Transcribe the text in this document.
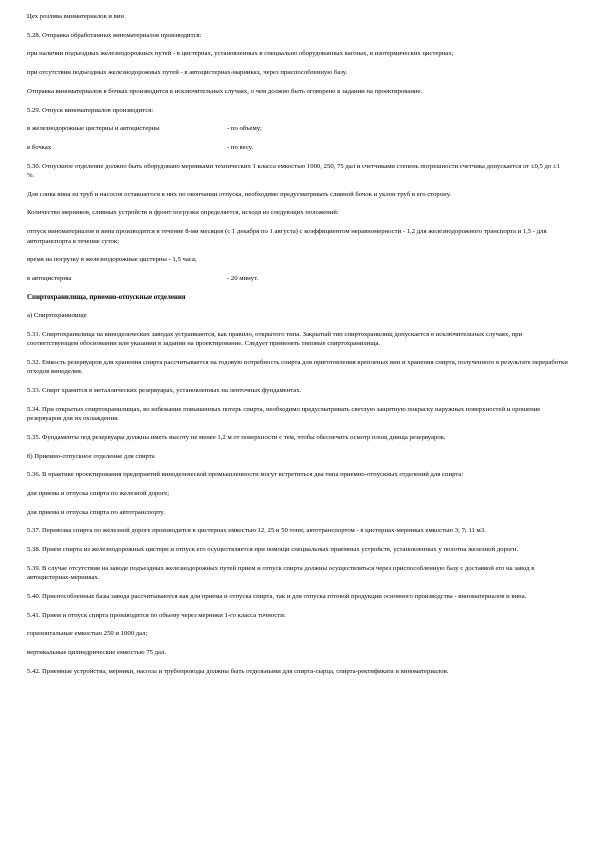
Цех розлива винматериалов и вин

5.28. Отправка обработанных виноматериалов производится:

при наличии подъездных железнодорожных путей - в цистернах, установленных в специально оборудованных вагонах, в изотермических цистернах;

при отсутствии подъездных железнодорожных путей - в автоцистернах-марниках, через приспособленную базу.

Отправка виноматериалов в бочках производится в исключительных случаях, о чем должно быть оговорено в задании на проектирование.

5.29. Отпуск виноматериалов производится:

в железнодорожные цистерны и автоцистерны	- по объему;
в бочках	- по весу.

5.30. Отпускное отделение должно быть оборудовано мерниками технических 1 класса емкостью 1000, 250, 75 дал и счетчиками степень погрешности счетчика допускается от ±0,5 до ±1 %.

Для слива вина из труб и насосов оставшегося в них по окончании отпуска, необходимо предусматривать сливной бочок и уклон труб в его сторону.

Количество мерников, сливных устройств и фронт погрузки определяется, исходя из следующих положений:

отпуск виноматериалов и вина производится в течение 8-ми месяцев (с 1 декабря по 1 августа) с коэффициентом неравномерности - 1,2 для железнодорожного транспорта и 1,5 - для автотранспорта в течение суток;

время на погрузку в железнодорожные цистерны - 1,5 часа;

в автоцистерны	- 20 минут.

Спиртохранилища, приемно-отпускные отделения

а) Спиртохранилище

5.31. Спиртохранилища на винодельческих заводах устраиваются, как правило, открытого типа. Закрытый тип спиртохранилищ допускается в исключительных случаях, при соответствующем обосновании или указании в задании на проектирование. Следует применять типовые спиртохранилища.

5.32. Емкость резервуаров для хранения спирта рассчитывается на годовую потребность спирта для приготовления крепленых вин и хранения спирта, полученного в результате переработки отходов виноделия.

5.33. Спирт хранится в металлических резервуарах, установленных на ленточных фундаментах.

5.34. При открытых спиртохранилищах, во избежание повышенных потерь спирта, необходимо предусматривать светлую защитную покраску наружных поверхностей и орошение резервуаров для их охлаждения.

5.35. Фундаменты под резервуары должны иметь высоту не менее 1,2 м от поверхности с тем, чтобы обеспечить осмотр площ днища резервуаров.

б) Приемно-отпускное отделение для спирта

5.36. В практике проектирования предприятий винодельческой промышленности могут встретиться два типа приемно-отпускных отделений для спирта:

для приема и отпуска спирта по железной дороге;

для приема и отпуска спирта по автотранспорту.

5.37. Перевозка спирта по железной дороге производится в цистернах емкостью 12, 25 и 50 тонн; автотранспортом - в цистернах-мерниках емкостью 3; 7; 11 м3.

5.38. Прием спирта из железнодорожных цистерн и отпуск его осуществляется при помощи специальных приемных устройств, установленных у полотна железной дороги.

5.39. В случае отсутствия на заводе подъездных железнодорожных путей прием и отпуск спирта должны осуществляться через приспособленную базу с доставкой его на завод в автоцистернах-мерниках.

5.40. Приспособленные базы завода рассчитываются как для приема и отпуска спирта, так и для отпуска готовой продукции основного производства - виноматериалов и вина.

5.41. Прием и отпуск спирта производится по объему через мерники 1-го класса точности:

горизонтальные емкостью 250 и 1000 дал;

вертикальные цилиндрические емкостью 75 дал.

5.42. Приемные устройства, мерники, насосы и трубопроводы должны быть отдельными для спирта-сырца, спирта-ректификата и виноматериалов.
